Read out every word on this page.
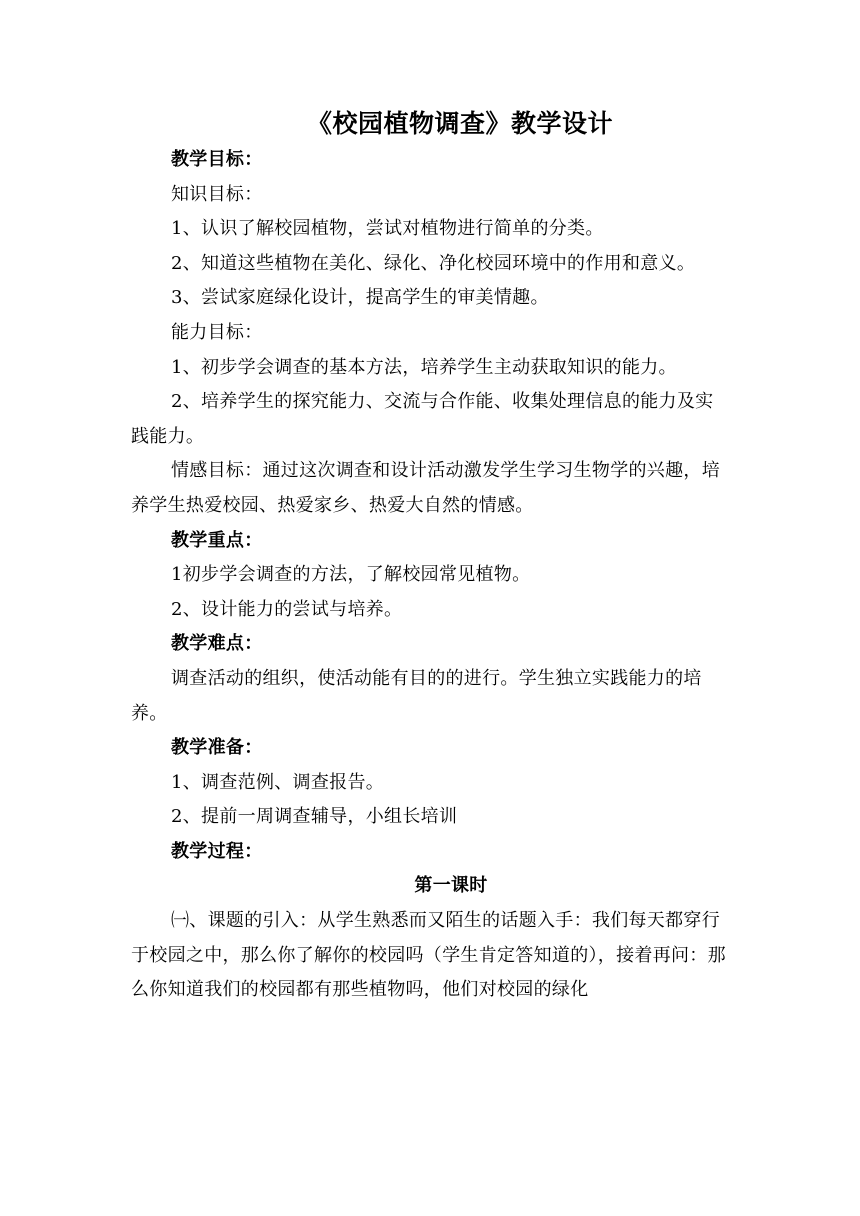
《校园植物调查》教学设计

教学目标：

知识目标：

1、认识了解校园植物，尝试对植物进行简单的分类。

2、知道这些植物在美化、绿化、净化校园环境中的作用和意义。

3、尝试家庭绿化设计，提高学生的审美情趣。

能力目标：

1、初步学会调查的基本方法，培养学生主动获取知识的能力。

2、培养学生的探究能力、交流与合作能、收集处理信息的能力及实践能力。

情感目标：通过这次调查和设计活动激发学生学习生物学的兴趣，培养学生热爱校园、热爱家乡、热爱大自然的情感。

教学重点：

1初步学会调查的方法，了解校园常见植物。

2、设计能力的尝试与培养。

教学难点：

调查活动的组织，使活动能有目的的进行。学生独立实践能力的培养。

教学准备：

1、调查范例、调查报告。

2、提前一周调查辅导，小组长培训

教学过程：

第一课时

㈠、课题的引入：从学生熟悉而又陌生的话题入手：我们每天都穿行于校园之中，那么你了解你的校园吗（学生肯定答知道的），接着再问：那么你知道我们的校园都有那些植物吗，他们对校园的绿化
